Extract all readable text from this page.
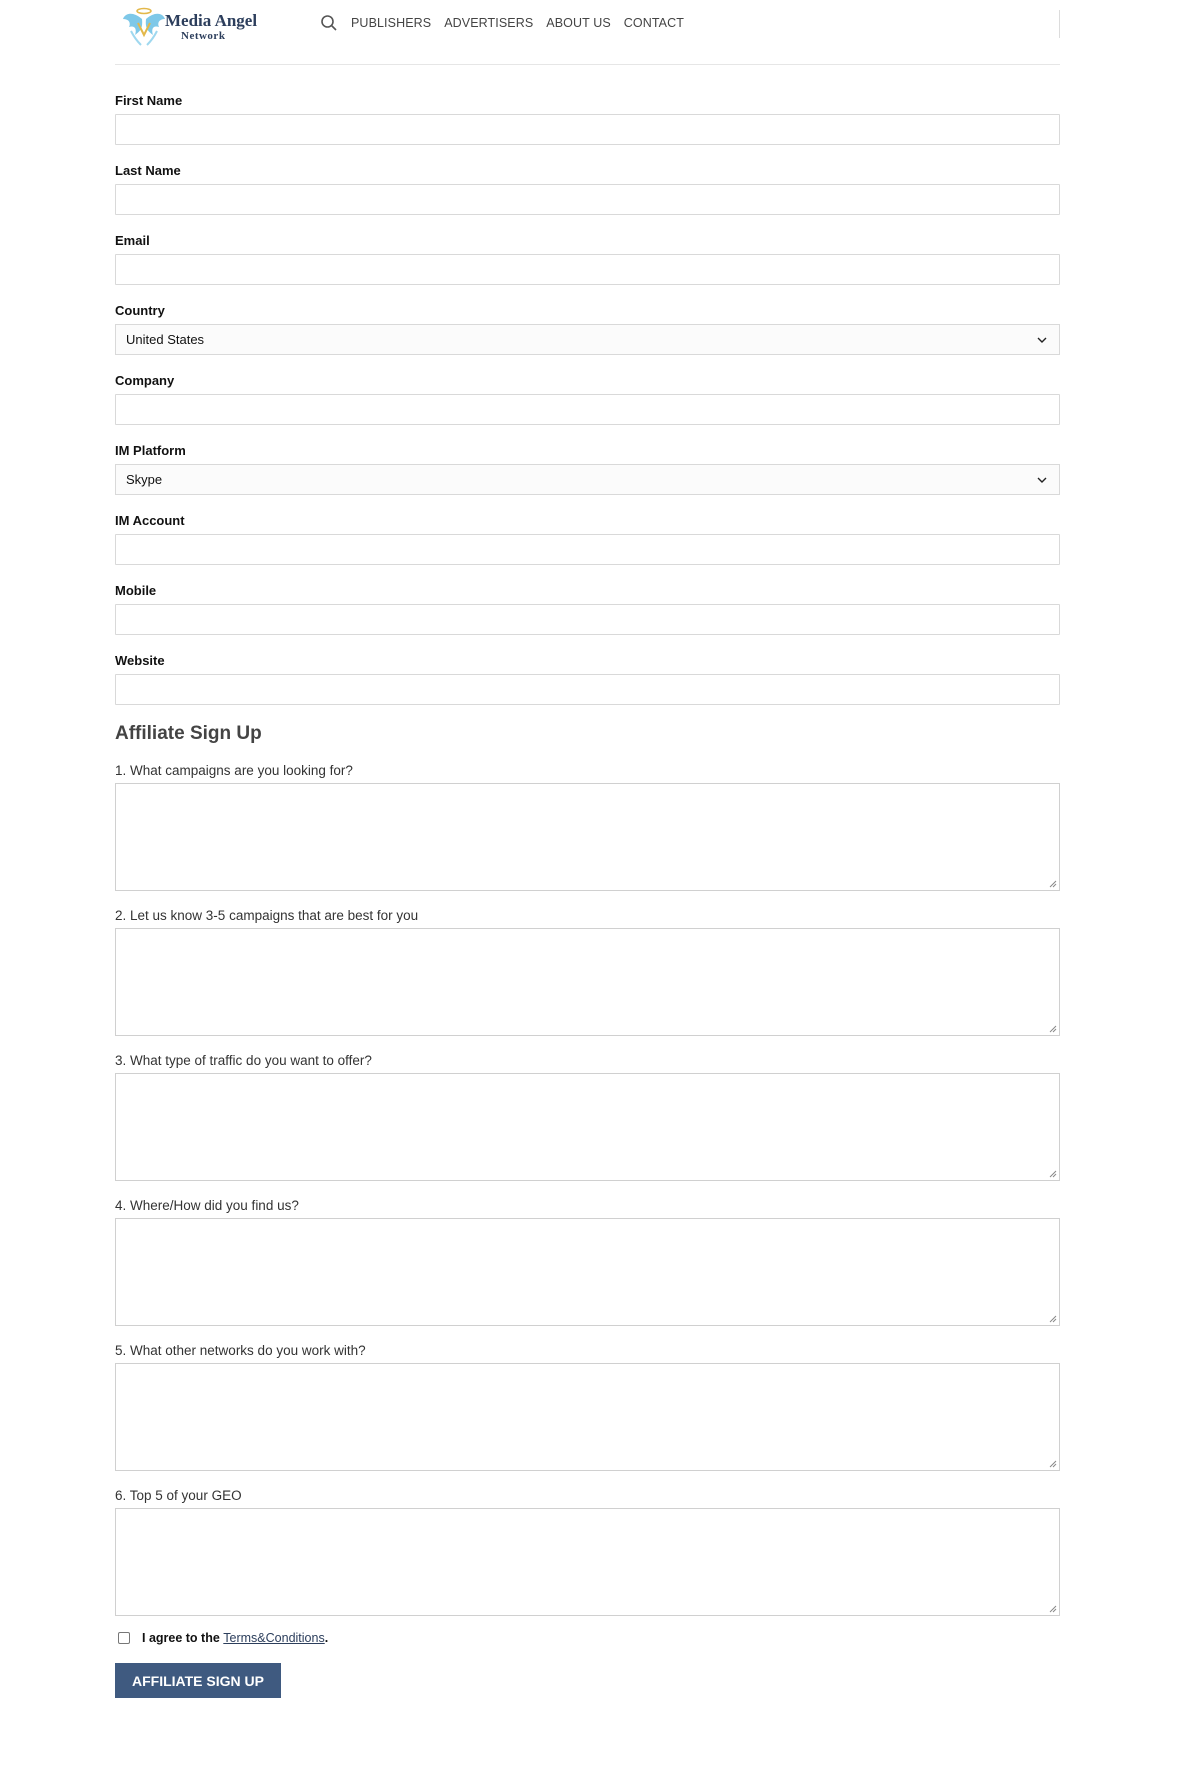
Media Angel
Network
PUBLISHERS ADVERTISERS ABOUT US CONTACT
First Name
Last Name
Email
Country
United States
Company
IM Platform
Skype
IM Account
Mobile
Website
Affiliate Sign Up
1. What campaigns are you looking for?
2. Let us know 3-5 campaigns that are best for you
3. What type of traffic do you want to offer?
4. Where/How did you find us?
5. What other networks do you work with?
6. Top 5 of your GEO
I agree to the Terms&Conditions.
AFFILIATE SIGN UP
